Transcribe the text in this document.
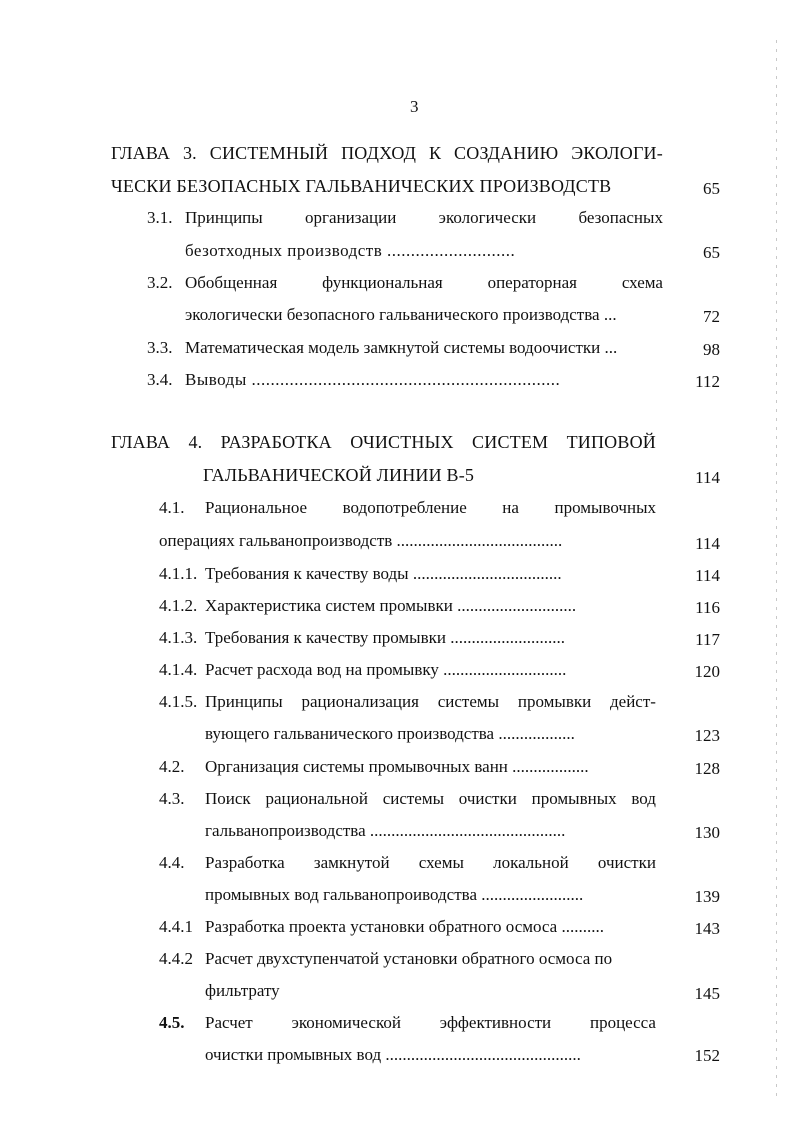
3
ГЛАВА 3. СИСТЕМНЫЙ ПОДХОД К СОЗДАНИЮ ЭКОЛОГИ-
ЧЕСКИ БЕЗОПАСНЫХ ГАЛЬВАНИЧЕСКИХ ПРОИЗВОДСТВ	65
3.1. Принципы организации экологически безопасных
безотходных производств ...........................	65
3.2. Обобщенная	функциональная	операторная	схема
экологически безопасного гальванического производства ...	72
3.3. Математическая модель замкнутой системы водоочистки ...	98
3.4. Выводы .................................................................	112
ГЛАВА 4. РАЗРАБОТКА ОЧИСТНЫХ СИСТЕМ ТИПОВОЙ
ГАЛЬВАНИЧЕСКОЙ ЛИНИИ В-5	114
4.1. Рациональное водопотребление на промывочных
операциях гальванопроизводств .......................................	114
4.1.1. Требования к качеству воды ...................................	114
4.1.2. Характеристика систем промывки ............................	116
4.1.3. Требования к качеству промывки ...........................	117
4.1.4. Расчет расхода вод на промывку .............................	120
4.1.5. Принципы рационализация системы промывки дейст-
вующего гальванического производства ..................	123
4.2. Организация системы промывочных ванн ..................	128
4.3. Поиск рациональной системы очистки промывных вод
гальванопроизводства ..............................................	130
4.4. Разработка замкнутой схемы локальной очистки
промывных вод гальванопроиводства ........................	139
4.4.1 Разработка проекта установки обратного осмоса ..........	143
4.4.2 Расчет двухступенчатой установки обратного осмоса по
фильтрату	145
4.5. Расчет экономической эффективности процесса
очистки промывных вод ..............................................	152
